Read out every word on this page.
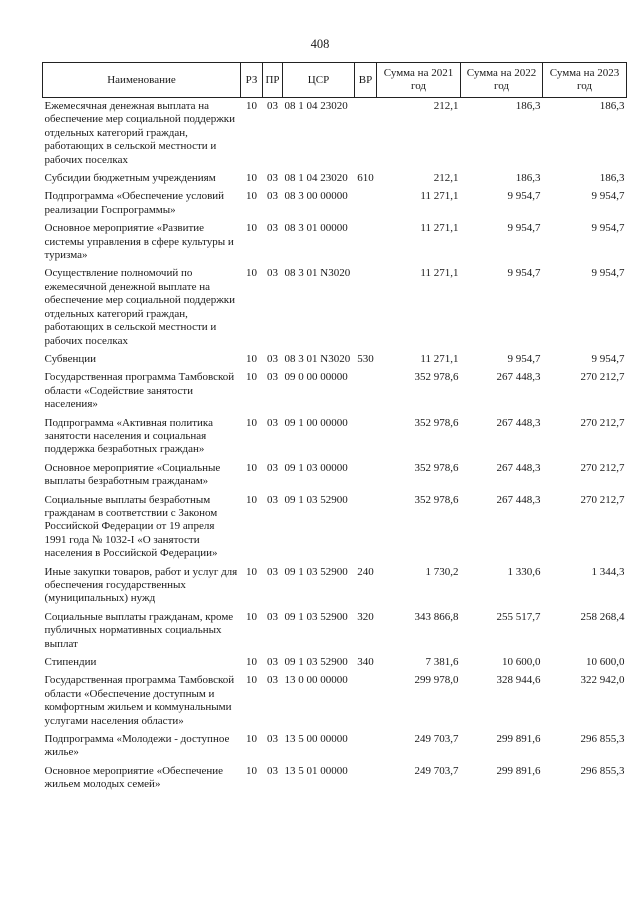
408
Наименование	РЗ	ПР	ЦСР	ВР	Сумма на 2021 год	Сумма на 2022 год	Сумма на 2023 год
Ежемесячная денежная выплата на обеспечение мер социальной поддержки отдельных категорий граждан, работающих в сельской местности и рабочих поселках	10	03	08 1 04 23020		212,1	186,3	186,3
Субсидии бюджетным учреждениям	10	03	08 1 04 23020	610	212,1	186,3	186,3
Подпрограмма «Обеспечение условий реализации Госпрограммы»	10	03	08 3 00 00000		11 271,1	9 954,7	9 954,7
Основное мероприятие «Развитие системы управления в сфере культуры и туризма»	10	03	08 3 01 00000		11 271,1	9 954,7	9 954,7
Осуществление полномочий по ежемесячной денежной выплате на обеспечение мер социальной поддержки отдельных категорий граждан, работающих в сельской местности и рабочих поселках	10	03	08 3 01 N3020		11 271,1	9 954,7	9 954,7
Субвенции	10	03	08 3 01 N3020	530	11 271,1	9 954,7	9 954,7
Государственная программа Тамбовской области «Содействие занятости населения»	10	03	09 0 00 00000		352 978,6	267 448,3	270 212,7
Подпрограмма «Активная политика занятости населения и социальная поддержка безработных граждан»	10	03	09 1 00 00000		352 978,6	267 448,3	270 212,7
Основное мероприятие «Социальные выплаты безработным гражданам»	10	03	09 1 03 00000		352 978,6	267 448,3	270 212,7
Социальные выплаты безработным гражданам в соответствии с Законом Российской Федерации от 19 апреля 1991 года № 1032-I «О занятости населения в Российской Федерации»	10	03	09 1 03 52900		352 978,6	267 448,3	270 212,7
Иные закупки товаров, работ и услуг для обеспечения государственных (муниципальных) нужд	10	03	09 1 03 52900	240	1 730,2	1 330,6	1 344,3
Социальные выплаты гражданам, кроме публичных нормативных социальных выплат	10	03	09 1 03 52900	320	343 866,8	255 517,7	258 268,4
Стипендии	10	03	09 1 03 52900	340	7 381,6	10 600,0	10 600,0
Государственная программа Тамбовской области «Обеспечение доступным и комфортным жильем и коммунальными услугами населения области»	10	03	13 0 00 00000		299 978,0	328 944,6	322 942,0
Подпрограмма «Молодежи - доступное жилье»	10	03	13 5 00 00000		249 703,7	299 891,6	296 855,3
Основное мероприятие «Обеспечение жильем молодых семей»	10	03	13 5 01 00000		249 703,7	299 891,6	296 855,3
